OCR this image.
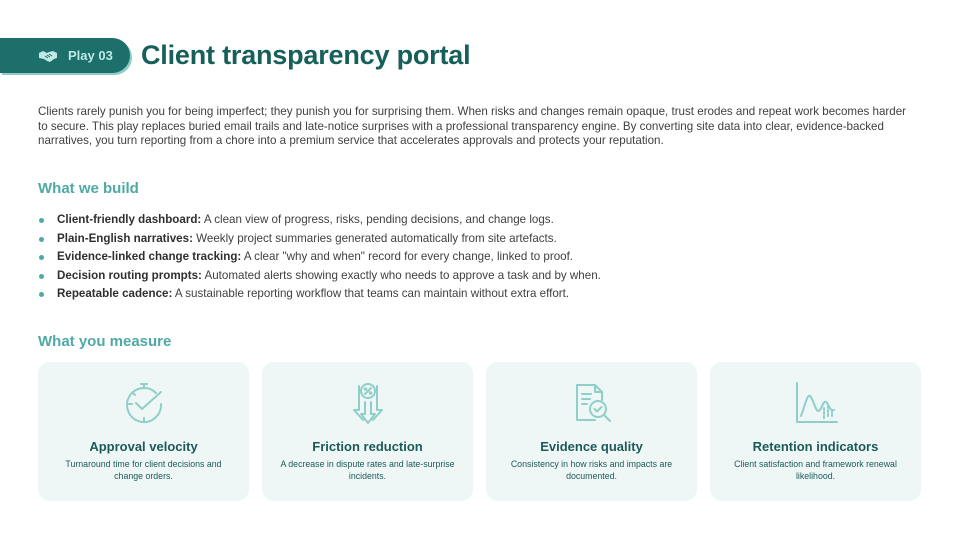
Play 03 Client transparency portal

Clients rarely punish you for being imperfect; they punish you for surprising them. When risks and changes remain opaque, trust erodes and repeat work becomes harder to secure. This play replaces buried email trails and late-notice surprises with a professional transparency engine. By converting site data into clear, evidence-backed narratives, you turn reporting from a chore into a premium service that accelerates approvals and protects your reputation.

What we build
Client-friendly dashboard: A clean view of progress, risks, pending decisions, and change logs.
Plain-English narratives: Weekly project summaries generated automatically from site artefacts.
Evidence-linked change tracking: A clear "why and when" record for every change, linked to proof.
Decision routing prompts: Automated alerts showing exactly who needs to approve a task and by when.
Repeatable cadence: A sustainable reporting workflow that teams can maintain without extra effort.
What you measure
Approval velocity
Turnaround time for client decisions and change orders.
Friction reduction
A decrease in dispute rates and late-surprise incidents.
Evidence quality
Consistency in how risks and impacts are documented.
Retention indicators
Client satisfaction and framework renewal likelihood.
